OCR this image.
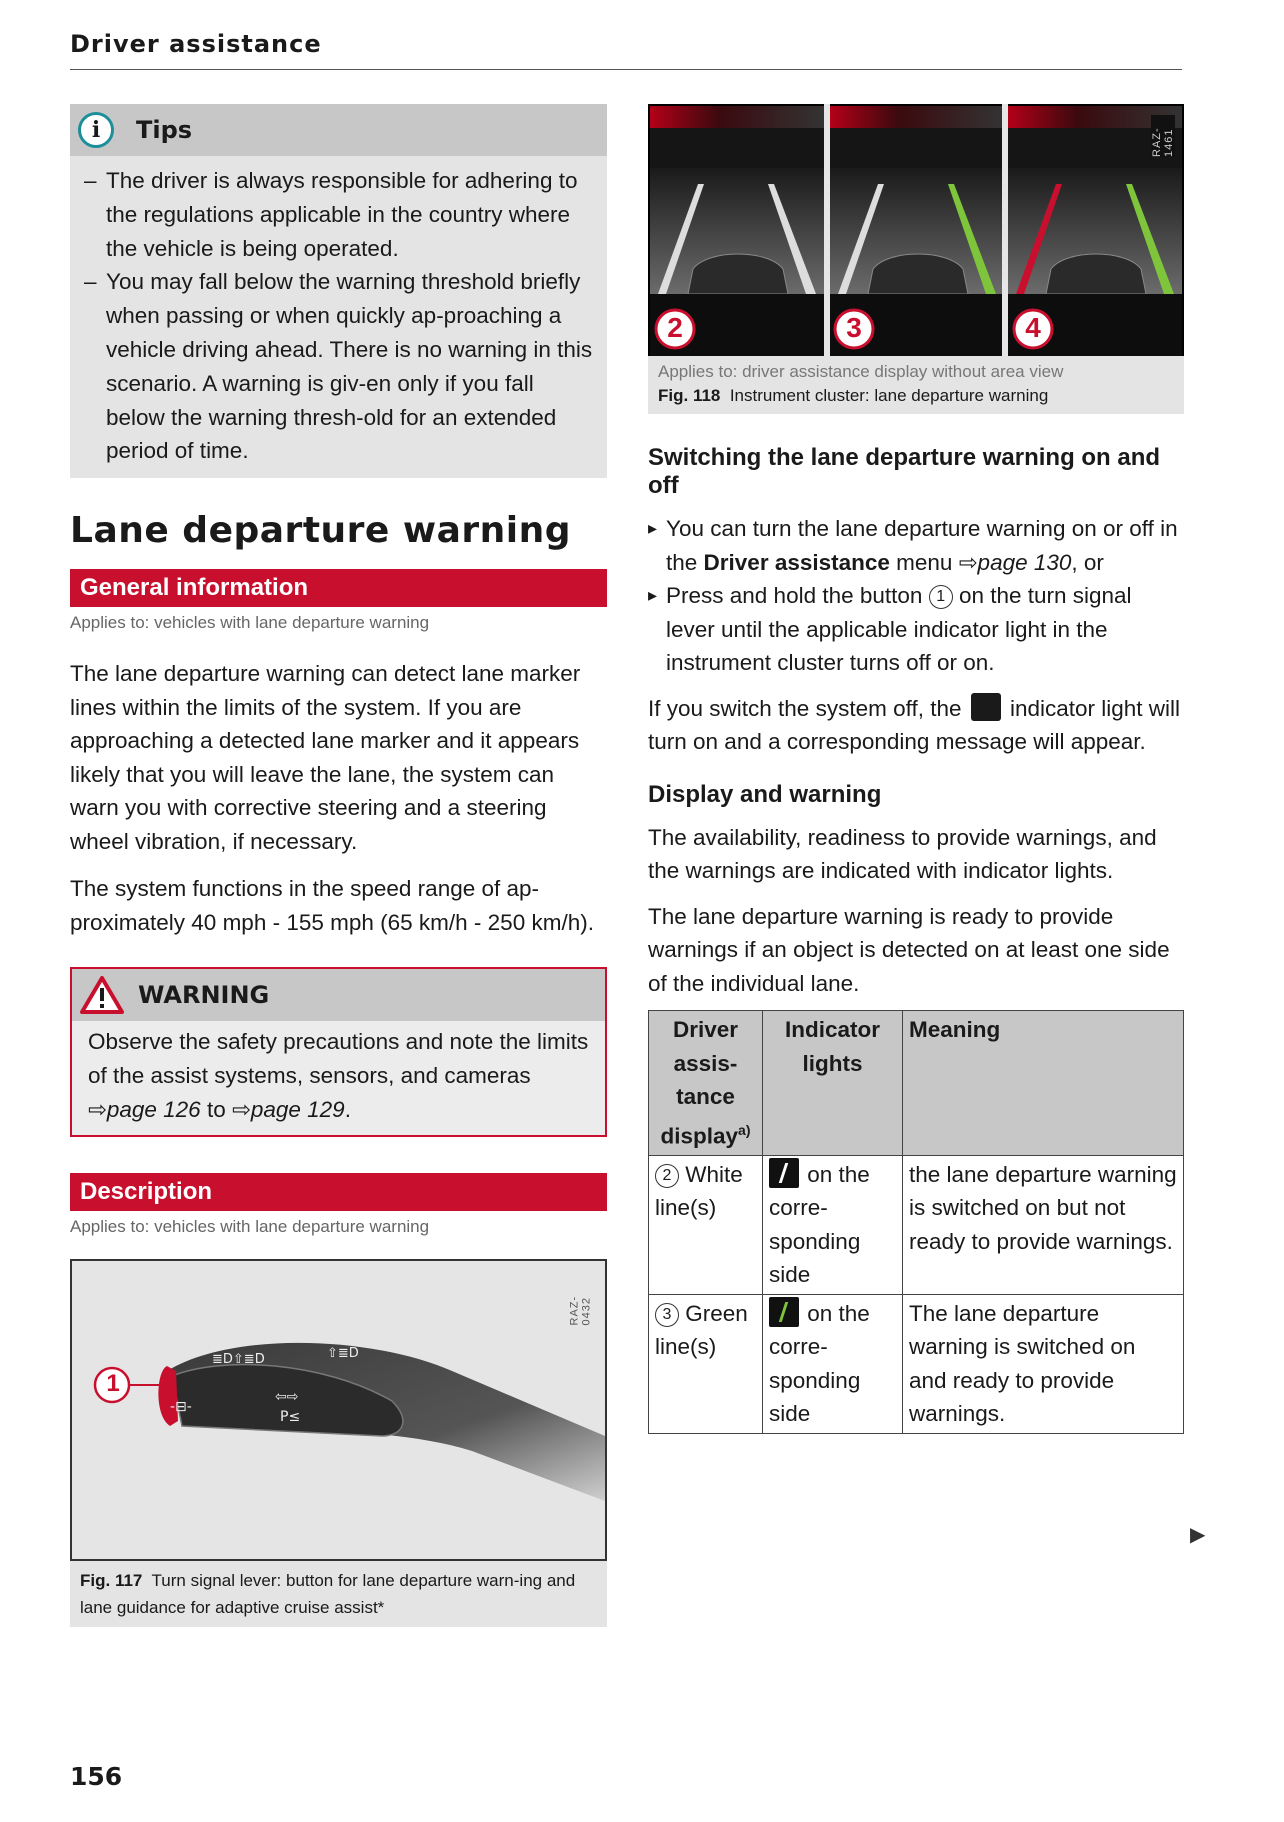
Driver assistance
i	Tips
– The driver is always responsible for adhering to the regulations applicable in the country where the vehicle is being operated.
– You may fall below the warning threshold briefly when passing or when quickly ap-proaching a vehicle driving ahead. There is no warning in this scenario. A warning is giv-en only if you fall below the warning thresh-old for an extended period of time.
Lane departure warning
General information
Applies to: vehicles with lane departure warning

The lane departure warning can detect lane marker lines within the limits of the system. If you are approaching a detected lane marker and it appears likely that you will leave the lane, the system can warn you with corrective steering and a steering wheel vibration, if necessary.

The system functions in the speed range of ap-proximately 40 mph - 155 mph (65 km/h - 250 km/h).

WARNING
Observe the safety precautions and note the limits of the assist systems, sensors, and cameras ⇨page 126 to ⇨page 129.
Description
Applies to: vehicles with lane departure warning
≣D⇧≣D	⇧≣D
-⊟-
⇦⇨
P≤
1
RAZ-0432
Fig. 117 Turn signal lever: button for lane departure warn-ing and lane guidance for adaptive cruise assist*
2	3	4
RAZ-1461
Applies to: driver assistance display without area view
Fig. 118 Instrument cluster: lane departure warning
Switching the lane departure warning on and off
▸ You can turn the lane departure warning on or off in the Driver assistance menu ⇨page 130, or
▸ Press and hold the button 1 on the turn signal lever until the applicable indicator light in the instrument cluster turns off or on.

If you switch the system off, the  indicator light will turn on and a corresponding message will appear.

Display and warning

The availability, readiness to provide warnings, and the warnings are indicated with indicator lights.

The lane departure warning is ready to provide warnings if an object is detected on at least one side of the individual lane.

Driver assis-tance display$^{a)}$	Indicator lights	Meaning
2 White line(s)	on the corre-sponding side	the lane departure warning is switched on but not ready to provide warnings.
3 Green line(s)	on the corre-sponding side	The lane departure warning is switched on and ready to provide warnings.
▶
156
